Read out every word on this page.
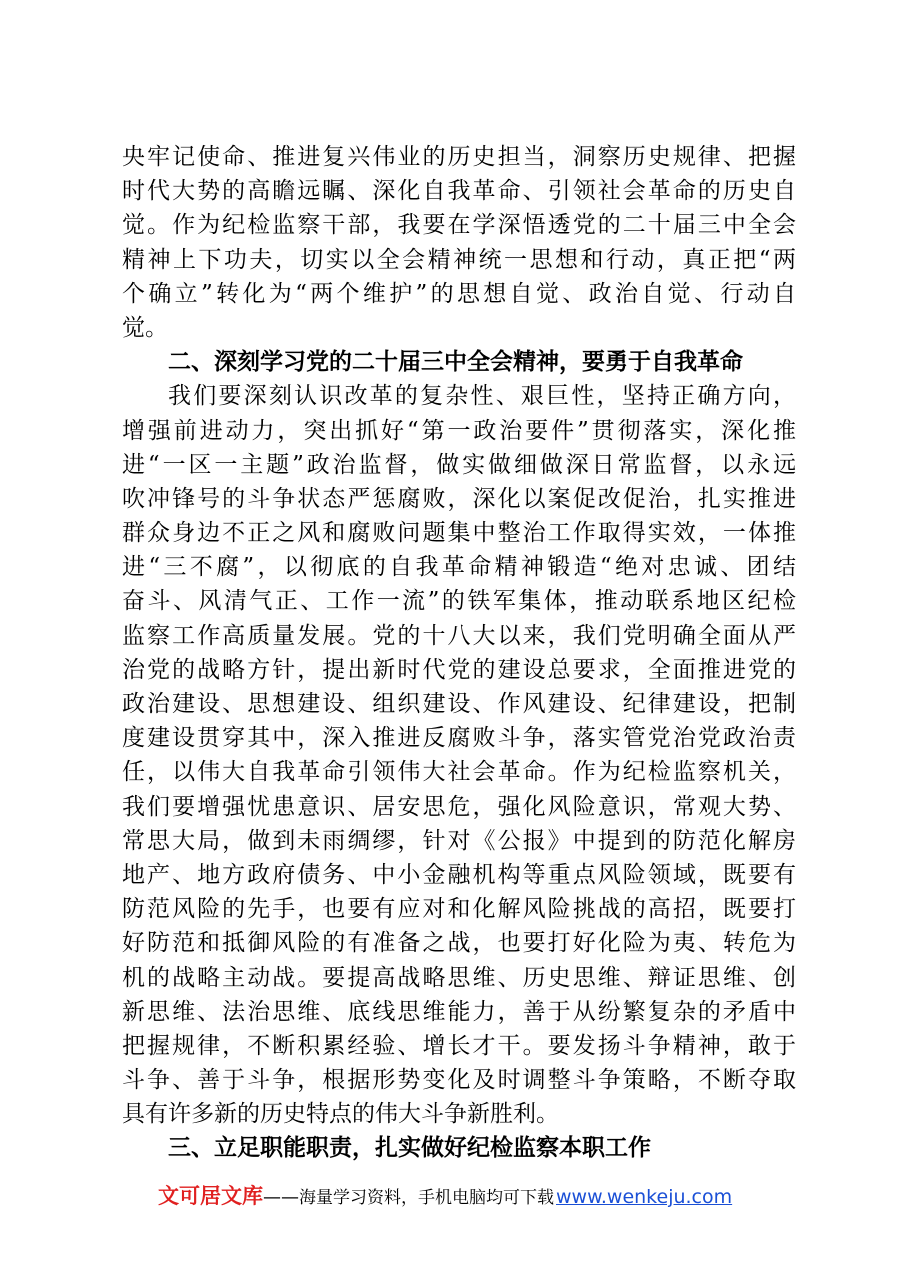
央牢记使命、推进复兴伟业的历史担当，洞察历史规律、把握
时代大势的高瞻远瞩、深化自我革命、引领社会革命的历史自
觉。作为纪检监察干部，我要在学深悟透党的二十届三中全会
精神上下功夫，切实以全会精神统一思想和行动，真正把“两
个确立”转化为“两个维护”的思想自觉、政治自觉、行动自
觉。
二、深刻学习党的二十届三中全会精神，要勇于自我革命
我们要深刻认识改革的复杂性、艰巨性，坚持正确方向，
增强前进动力，突出抓好“第一政治要件”贯彻落实，深化推
进“一区一主题”政治监督，做实做细做深日常监督，以永远
吹冲锋号的斗争状态严惩腐败，深化以案促改促治，扎实推进
群众身边不正之风和腐败问题集中整治工作取得实效，一体推
进“三不腐”，以彻底的自我革命精神锻造“绝对忠诚、团结
奋斗、风清气正、工作一流”的铁军集体，推动联系地区纪检
监察工作高质量发展。党的十八大以来，我们党明确全面从严
治党的战略方针，提出新时代党的建设总要求，全面推进党的
政治建设、思想建设、组织建设、作风建设、纪律建设，把制
度建设贯穿其中，深入推进反腐败斗争，落实管党治党政治责
任，以伟大自我革命引领伟大社会革命。作为纪检监察机关，
我们要增强忧患意识、居安思危，强化风险意识，常观大势、
常思大局，做到未雨绸缪，针对《公报》中提到的防范化解房
地产、地方政府债务、中小金融机构等重点风险领域，既要有
防范风险的先手，也要有应对和化解风险挑战的高招，既要打
好防范和抵御风险的有准备之战，也要打好化险为夷、转危为
机的战略主动战。要提高战略思维、历史思维、辩证思维、创
新思维、法治思维、底线思维能力，善于从纷繁复杂的矛盾中
把握规律，不断积累经验、增长才干。要发扬斗争精神，敢于
斗争、善于斗争，根据形势变化及时调整斗争策略，不断夺取
具有许多新的历史特点的伟大斗争新胜利。
三、立足职能职责，扎实做好纪检监察本职工作
文可居文库——海量学习资料，手机电脑均可下载 www.wenkeju.com
